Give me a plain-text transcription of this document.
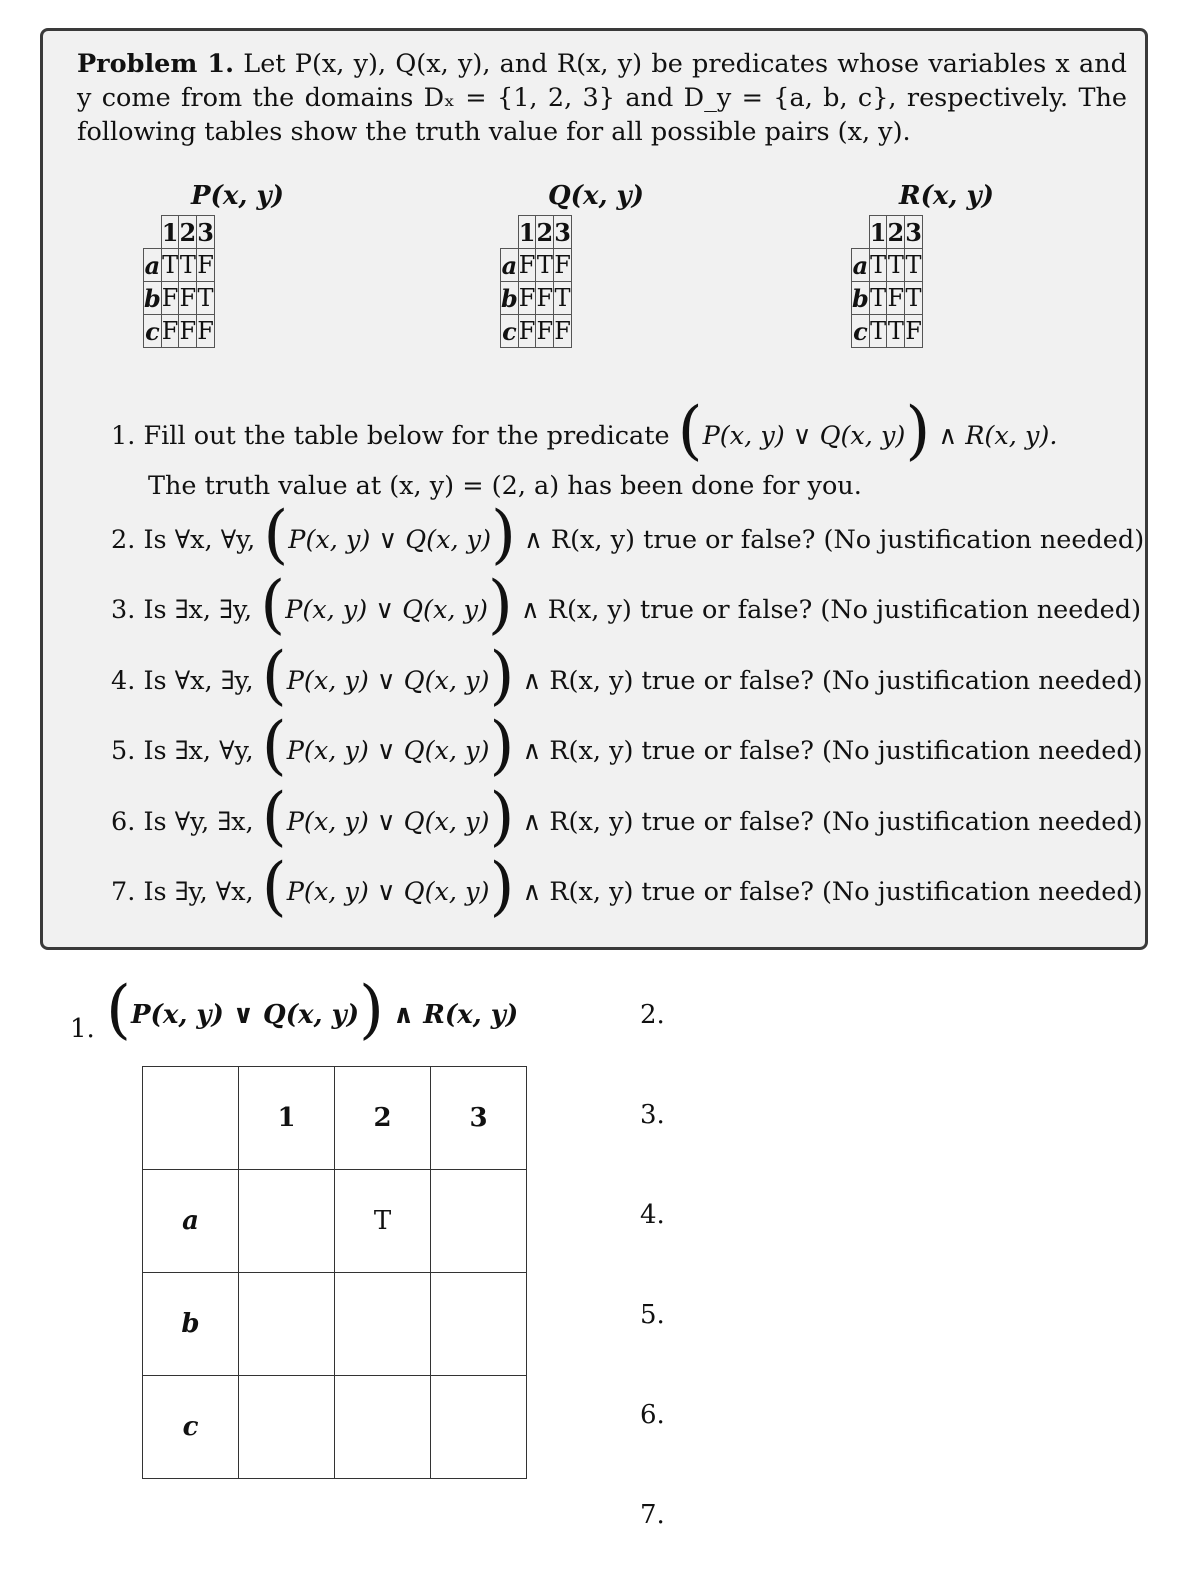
Problem 1. Let P(x, y), Q(x, y), and R(x, y) be predicates whose variables x and y come from the domains Dₓ = {1, 2, 3} and D_y = {a, b, c}, respectively. The following tables show the truth value for all possible pairs (x, y).
P(x, y)
	1	2	3
a	T	T	F
b	F	F	T
c	F	F	F
Q(x, y)
	1	2	3
a	F	T	F
b	F	F	T
c	F	F	F
R(x, y)
	1	2	3
a	T	T	T
b	T	F	T
c	T	T	F
1. Fill out the table below for the predicate (P(x, y) ∨ Q(x, y)) ∧ R(x, y).
The truth value at (x, y) = (2, a) has been done for you.
2. Is ∀x, ∀y, (P(x, y) ∨ Q(x, y)) ∧ R(x, y) true or false? (No justification needed)
3. Is ∃x, ∃y, (P(x, y) ∨ Q(x, y)) ∧ R(x, y) true or false? (No justification needed)
4. Is ∀x, ∃y, (P(x, y) ∨ Q(x, y)) ∧ R(x, y) true or false? (No justification needed)
5. Is ∃x, ∀y, (P(x, y) ∨ Q(x, y)) ∧ R(x, y) true or false? (No justification needed)
6. Is ∀y, ∃x, (P(x, y) ∨ Q(x, y)) ∧ R(x, y) true or false? (No justification needed)
7. Is ∃y, ∀x, (P(x, y) ∨ Q(x, y)) ∧ R(x, y) true or false? (No justification needed)
1. (P(x, y) ∨ Q(x, y)) ∧ R(x, y)
	1	2	3
a		T	
b			
c			
2.
3.
4.
5.
6.
7.
